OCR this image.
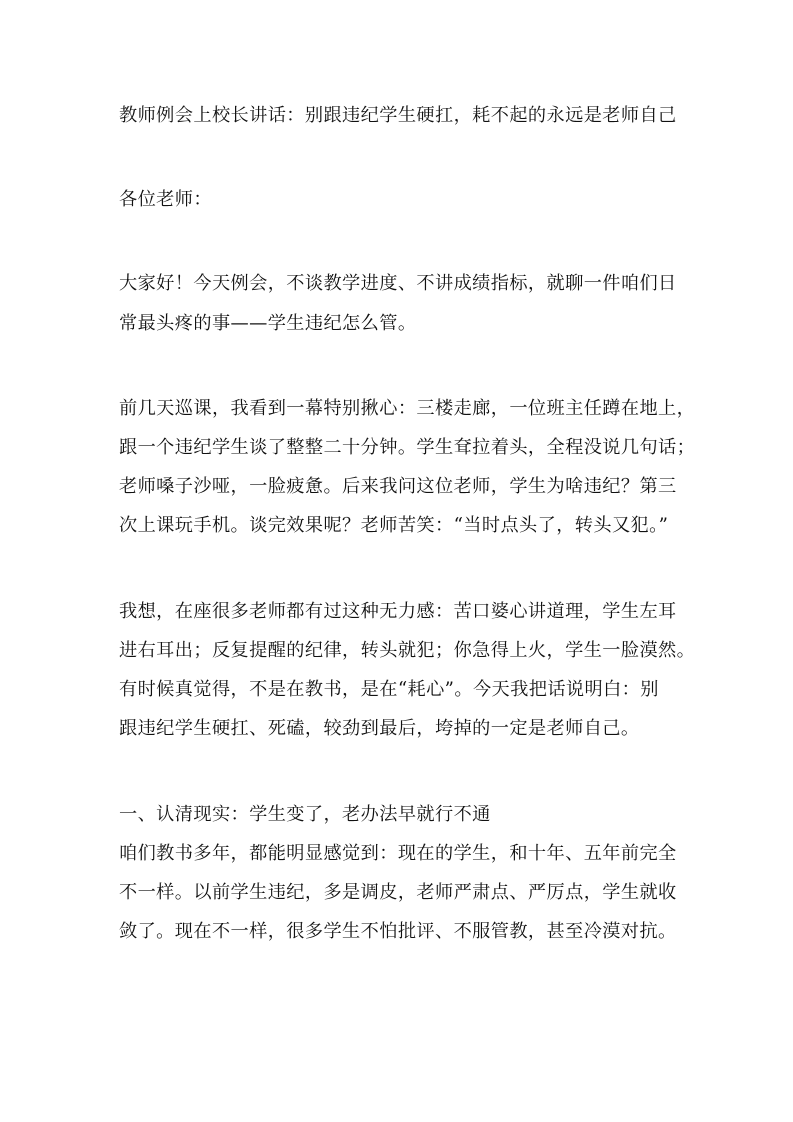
教师例会上校长讲话：别跟违纪学生硬扛，耗不起的永远是老师自己
各位老师：
大家好！今天例会，不谈教学进度、不讲成绩指标，就聊一件咱们日
常最头疼的事——学生违纪怎么管。
前几天巡课，我看到一幕特别揪心：三楼走廊，一位班主任蹲在地上，
跟一个违纪学生谈了整整二十分钟。学生耷拉着头，全程没说几句话；
老师嗓子沙哑，一脸疲惫。后来我问这位老师，学生为啥违纪？第三
次上课玩手机。谈完效果呢？老师苦笑：“当时点头了，转头又犯。”
我想，在座很多老师都有过这种无力感：苦口婆心讲道理，学生左耳
进右耳出；反复提醒的纪律，转头就犯；你急得上火，学生一脸漠然。
有时候真觉得，不是在教书，是在“耗心”。今天我把话说明白：别
跟违纪学生硬扛、死磕，较劲到最后，垮掉的一定是老师自己。
一、认清现实：学生变了，老办法早就行不通
咱们教书多年，都能明显感觉到：现在的学生，和十年、五年前完全
不一样。以前学生违纪，多是调皮，老师严肃点、严厉点，学生就收
敛了。现在不一样，很多学生不怕批评、不服管教，甚至冷漠对抗。
